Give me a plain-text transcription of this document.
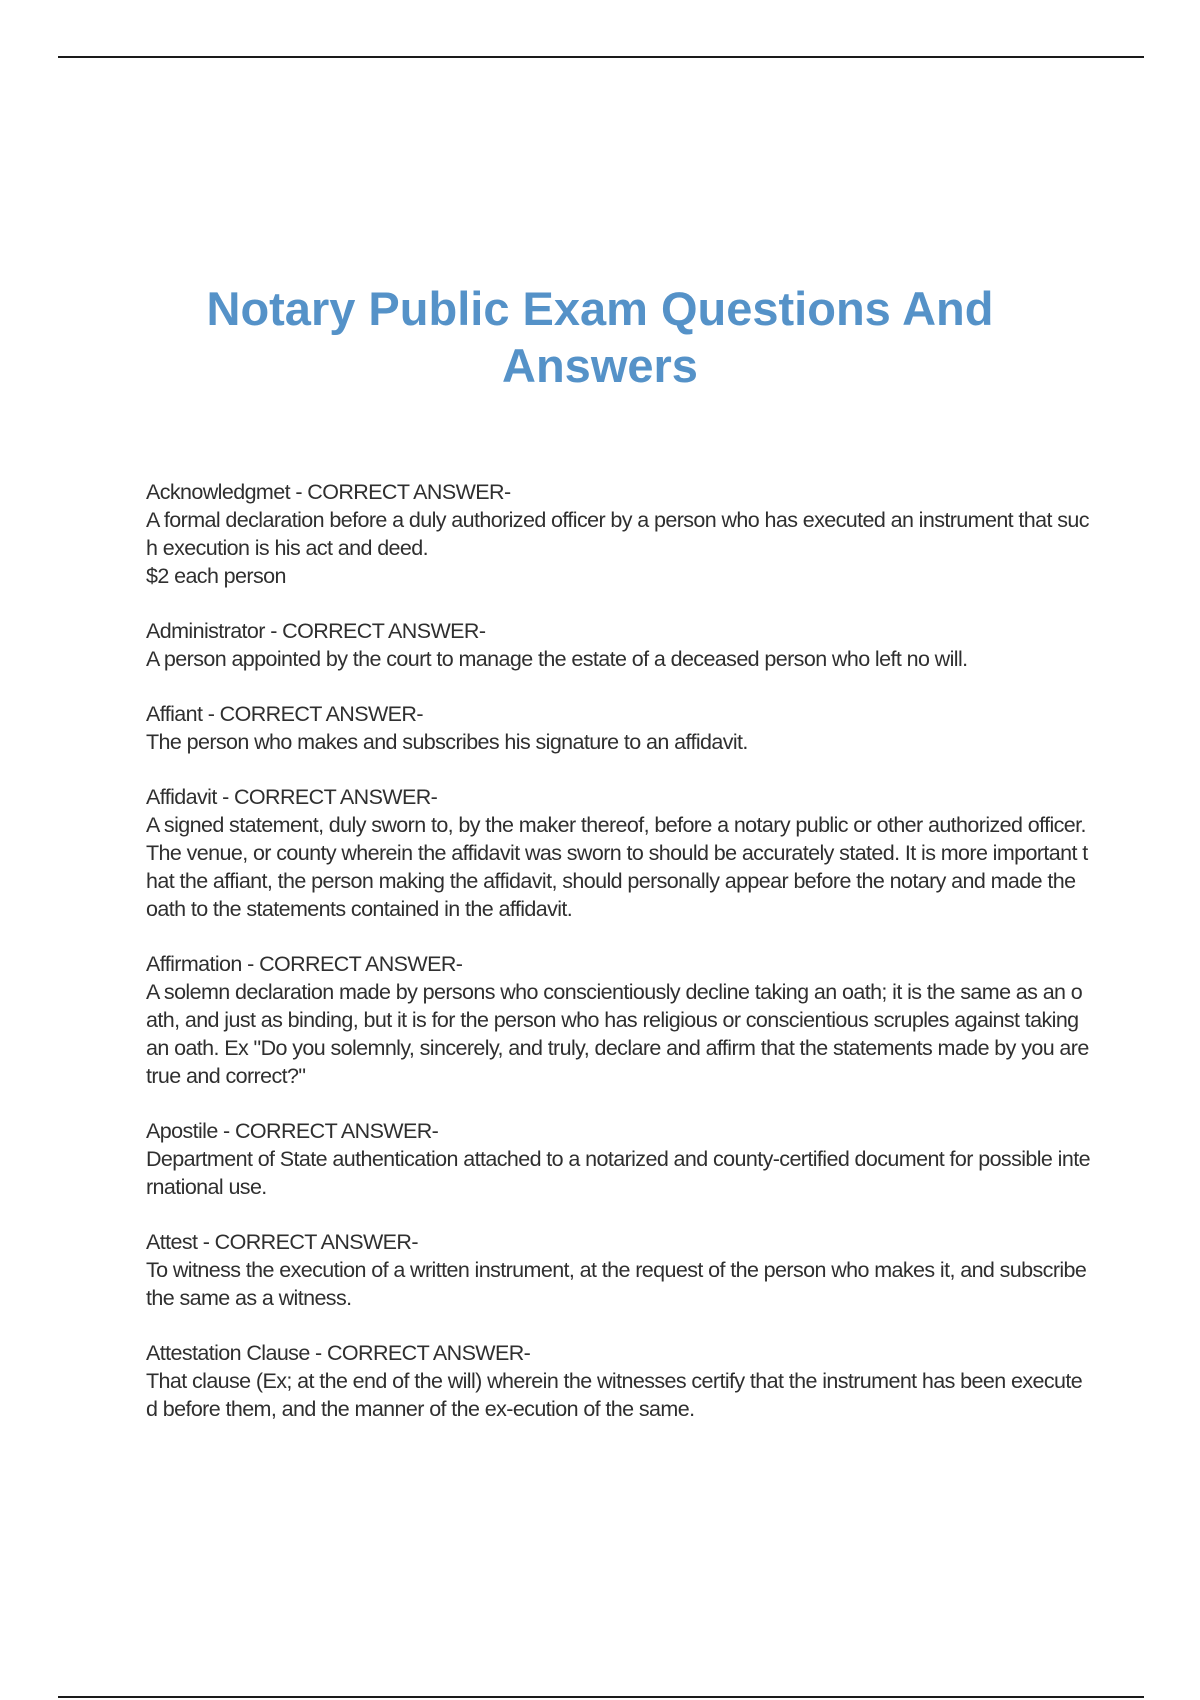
Notary Public Exam Questions And Answers
Acknowledgmet - CORRECT ANSWER-
A formal declaration before a duly authorized officer by a person who has executed an instrument that such execution is his act and deed.
$2 each person
Administrator - CORRECT ANSWER-
A person appointed by the court to manage the estate of a deceased person who left no will.
Affiant - CORRECT ANSWER-
The person who makes and subscribes his signature to an affidavit.
Affidavit - CORRECT ANSWER-
A signed statement, duly sworn to, by the maker thereof, before a notary public or other authorized officer. The venue, or county wherein the affidavit was sworn to should be accurately stated. It is more important that the affiant, the person making the affidavit, should personally appear before the notary and made the oath to the statements contained in the affidavit.
Affirmation - CORRECT ANSWER-
A solemn declaration made by persons who conscientiously decline taking an oath; it is the same as an oath, and just as binding, but it is for the person who has religious or conscientious scruples against taking an oath. Ex "Do you solemnly, sincerely, and truly, declare and affirm that the statements made by you are true and correct?"
Apostile - CORRECT ANSWER-
Department of State authentication attached to a notarized and county-certified document for possible international use.
Attest - CORRECT ANSWER-
To witness the execution of a written instrument, at the request of the person who makes it, and subscribe the same as a witness.
Attestation Clause - CORRECT ANSWER-
That clause (Ex; at the end of the will) wherein the witnesses certify that the instrument has been executed before them, and the manner of the ex-ecution of the same.
